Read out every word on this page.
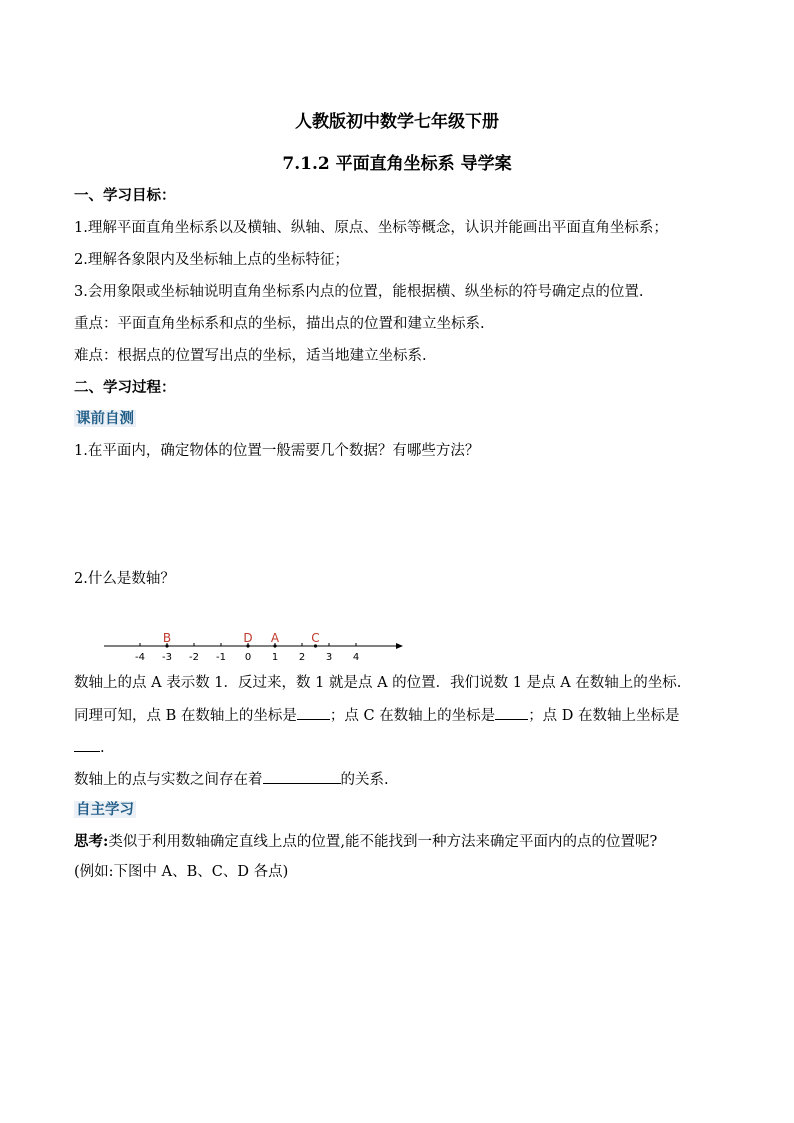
人教版初中数学七年级下册
7.1.2 平面直角坐标系 导学案
一、学习目标：
1.理解平面直角坐标系以及横轴、纵轴、原点、坐标等概念，认识并能画出平面直角坐标系；
2.理解各象限内及坐标轴上点的坐标特征；
3.会用象限或坐标轴说明直角坐标系内点的位置，能根据横、纵坐标的符号确定点的位置.
重点：平面直角坐标系和点的坐标，描出点的位置和建立坐标系.
难点：根据点的位置写出点的坐标，适当地建立坐标系.
二、学习过程：
课前自测
1.在平面内，确定物体的位置一般需要几个数据？有哪些方法？
2.什么是数轴？
-4 -3 -2 -1 0 1 2 3 4
B	D A	C
数轴上的点 A 表示数 1．反过来，数 1 就是点 A 的位置．我们说数 1 是点 A 在数轴上的坐标.
同理可知，点 B 在数轴上的坐标是 ；点 C 在数轴上的坐标是 ；点 D 在数轴上坐标是
.
数轴上的点与实数之间存在着	的关系.
自主学习
思考:类似于利用数轴确定直线上点的位置,能不能找到一种方法来确定平面内的点的位置呢?
(例如:下图中 A、B、C、D 各点)
